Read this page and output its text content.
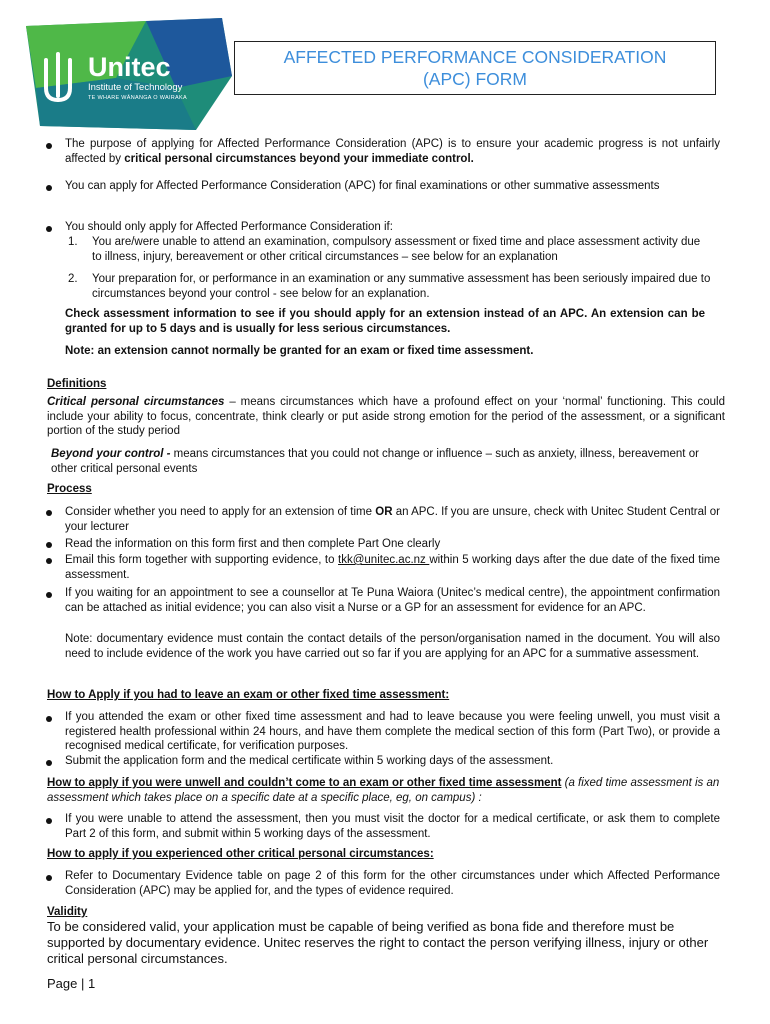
Unitec
Institute of Technology
TE WHARE WĀNANGA O WAIRAKA
AFFECTED PERFORMANCE CONSIDERATION
(APC) FORM
The purpose of applying for Affected Performance Consideration (APC) is to ensure your academic progress is not unfairly affected by critical personal circumstances beyond your immediate control.
You can apply for Affected Performance Consideration (APC) for final examinations or other summative assessments
You should only apply for Affected Performance Consideration if:
1. You are/were unable to attend an examination, compulsory assessment or fixed time and place assessment activity due to illness, injury, bereavement or other critical circumstances – see below for an explanation
2. Your preparation for, or performance in an examination or any summative assessment has been seriously impaired due to circumstances beyond your control - see below for an explanation.
Check assessment information to see if you should apply for an extension instead of an APC. An extension can be granted for up to 5 days and is usually for less serious circumstances.
Note: an extension cannot normally be granted for an exam or fixed time assessment.
Definitions
Critical personal circumstances – means circumstances which have a profound effect on your ‘normal’ functioning. This could include your ability to focus, concentrate, think clearly or put aside strong emotion for the period of the assessment, or a significant portion of the study period
Beyond your control - means circumstances that you could not change or influence – such as anxiety, illness, bereavement or other critical personal events
Process
Consider whether you need to apply for an extension of time OR an APC. If you are unsure, check with Unitec Student Central or your lecturer
Read the information on this form first and then complete Part One clearly
Email this form together with supporting evidence, to tkk@unitec.ac.nz within 5 working days after the due date of the fixed time assessment.
If you waiting for an appointment to see a counsellor at Te Puna Waiora (Unitec’s medical centre), the appointment confirmation can be attached as initial evidence; you can also visit a Nurse or a GP for an assessment for evidence for an APC.
Note: documentary evidence must contain the contact details of the person/organisation named in the document. You will also need to include evidence of the work you have carried out so far if you are applying for an APC for a summative assessment.
How to Apply if you had to leave an exam or other fixed time assessment:
If you attended the exam or other fixed time assessment and had to leave because you were feeling unwell, you must visit a registered health professional within 24 hours, and have them complete the medical section of this form (Part Two), or provide a recognised medical certificate, for verification purposes.
Submit the application form and the medical certificate within 5 working days of the assessment.
How to apply if you were unwell and couldn’t come to an exam or other fixed time assessment (a fixed time assessment is an assessment which takes place on a specific date at a specific place, eg, on campus) :
If you were unable to attend the assessment, then you must visit the doctor for a medical certificate, or ask them to complete Part 2 of this form, and submit within 5 working days of the assessment.
How to apply if you experienced other critical personal circumstances:
Refer to Documentary Evidence table on page 2 of this form for the other circumstances under which Affected Performance Consideration (APC) may be applied for, and the types of evidence required.
Validity
To be considered valid, your application must be capable of being verified as bona fide and therefore must be supported by documentary evidence. Unitec reserves the right to contact the person verifying illness, injury or other critical personal circumstances.
Page | 1
